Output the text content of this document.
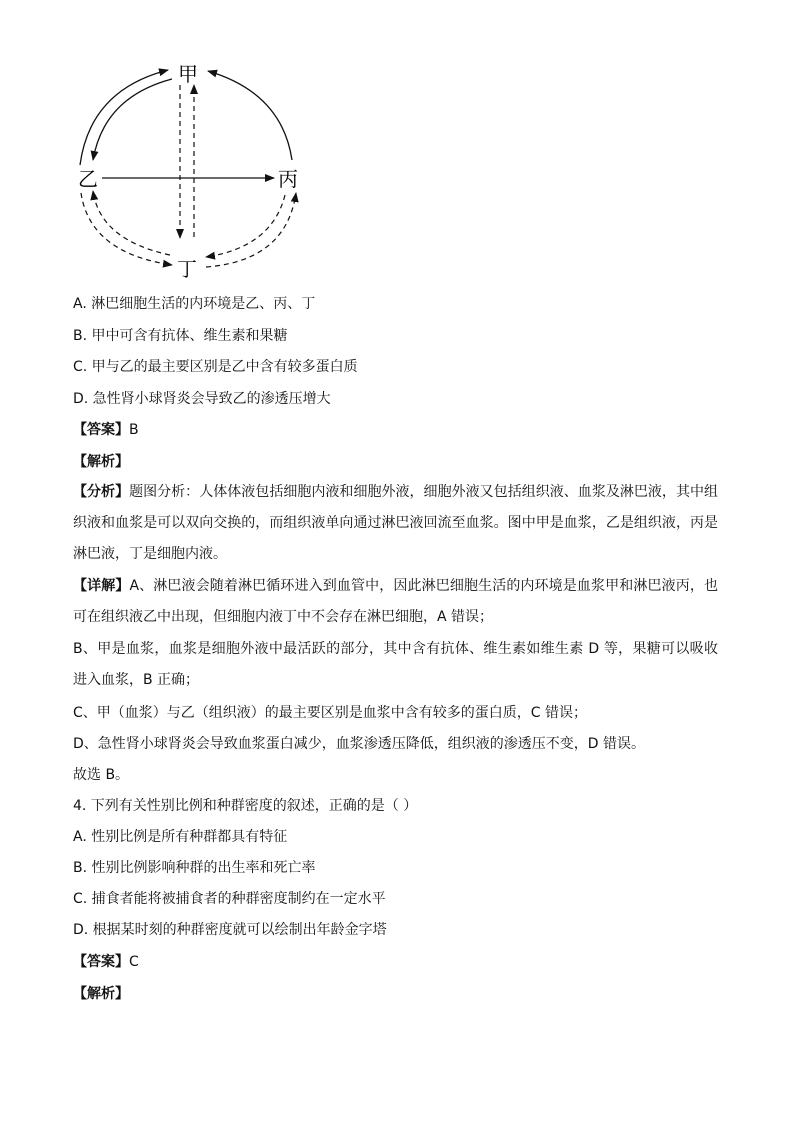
甲
乙	丙
丁
A. 淋巴细胞生活的内环境是乙、丙、丁
B. 甲中可含有抗体、维生素和果糖
C. 甲与乙的最主要区别是乙中含有较多蛋白质
D. 急性肾小球肾炎会导致乙的渗透压增大
【答案】B
【解析】
【分析】题图分析：人体体液包括细胞内液和细胞外液，细胞外液又包括组织液、血浆及淋巴液，其中组织液和血浆是可以双向交换的，而组织液单向通过淋巴液回流至血浆。图中甲是血浆，乙是组织液，丙是淋巴液，丁是细胞内液。
【详解】A、淋巴液会随着淋巴循环进入到血管中，因此淋巴细胞生活的内环境是血浆甲和淋巴液丙，也可在组织液乙中出现，但细胞内液丁中不会存在淋巴细胞，A 错误；
B、甲是血浆，血浆是细胞外液中最活跃的部分，其中含有抗体、维生素如维生素 D 等，果糖可以吸收进入血浆，B 正确；
C、甲（血浆）与乙（组织液）的最主要区别是血浆中含有较多的蛋白质，C 错误；
D、急性肾小球肾炎会导致血浆蛋白减少，血浆渗透压降低，组织液的渗透压不变，D 错误。
故选 B。
4. 下列有关性别比例和种群密度的叙述，正确的是（ ）
A. 性别比例是所有种群都具有特征
B. 性别比例影响种群的出生率和死亡率
C. 捕食者能将被捕食者的种群密度制约在一定水平
D. 根据某时刻的种群密度就可以绘制出年龄金字塔
【答案】C
【解析】
